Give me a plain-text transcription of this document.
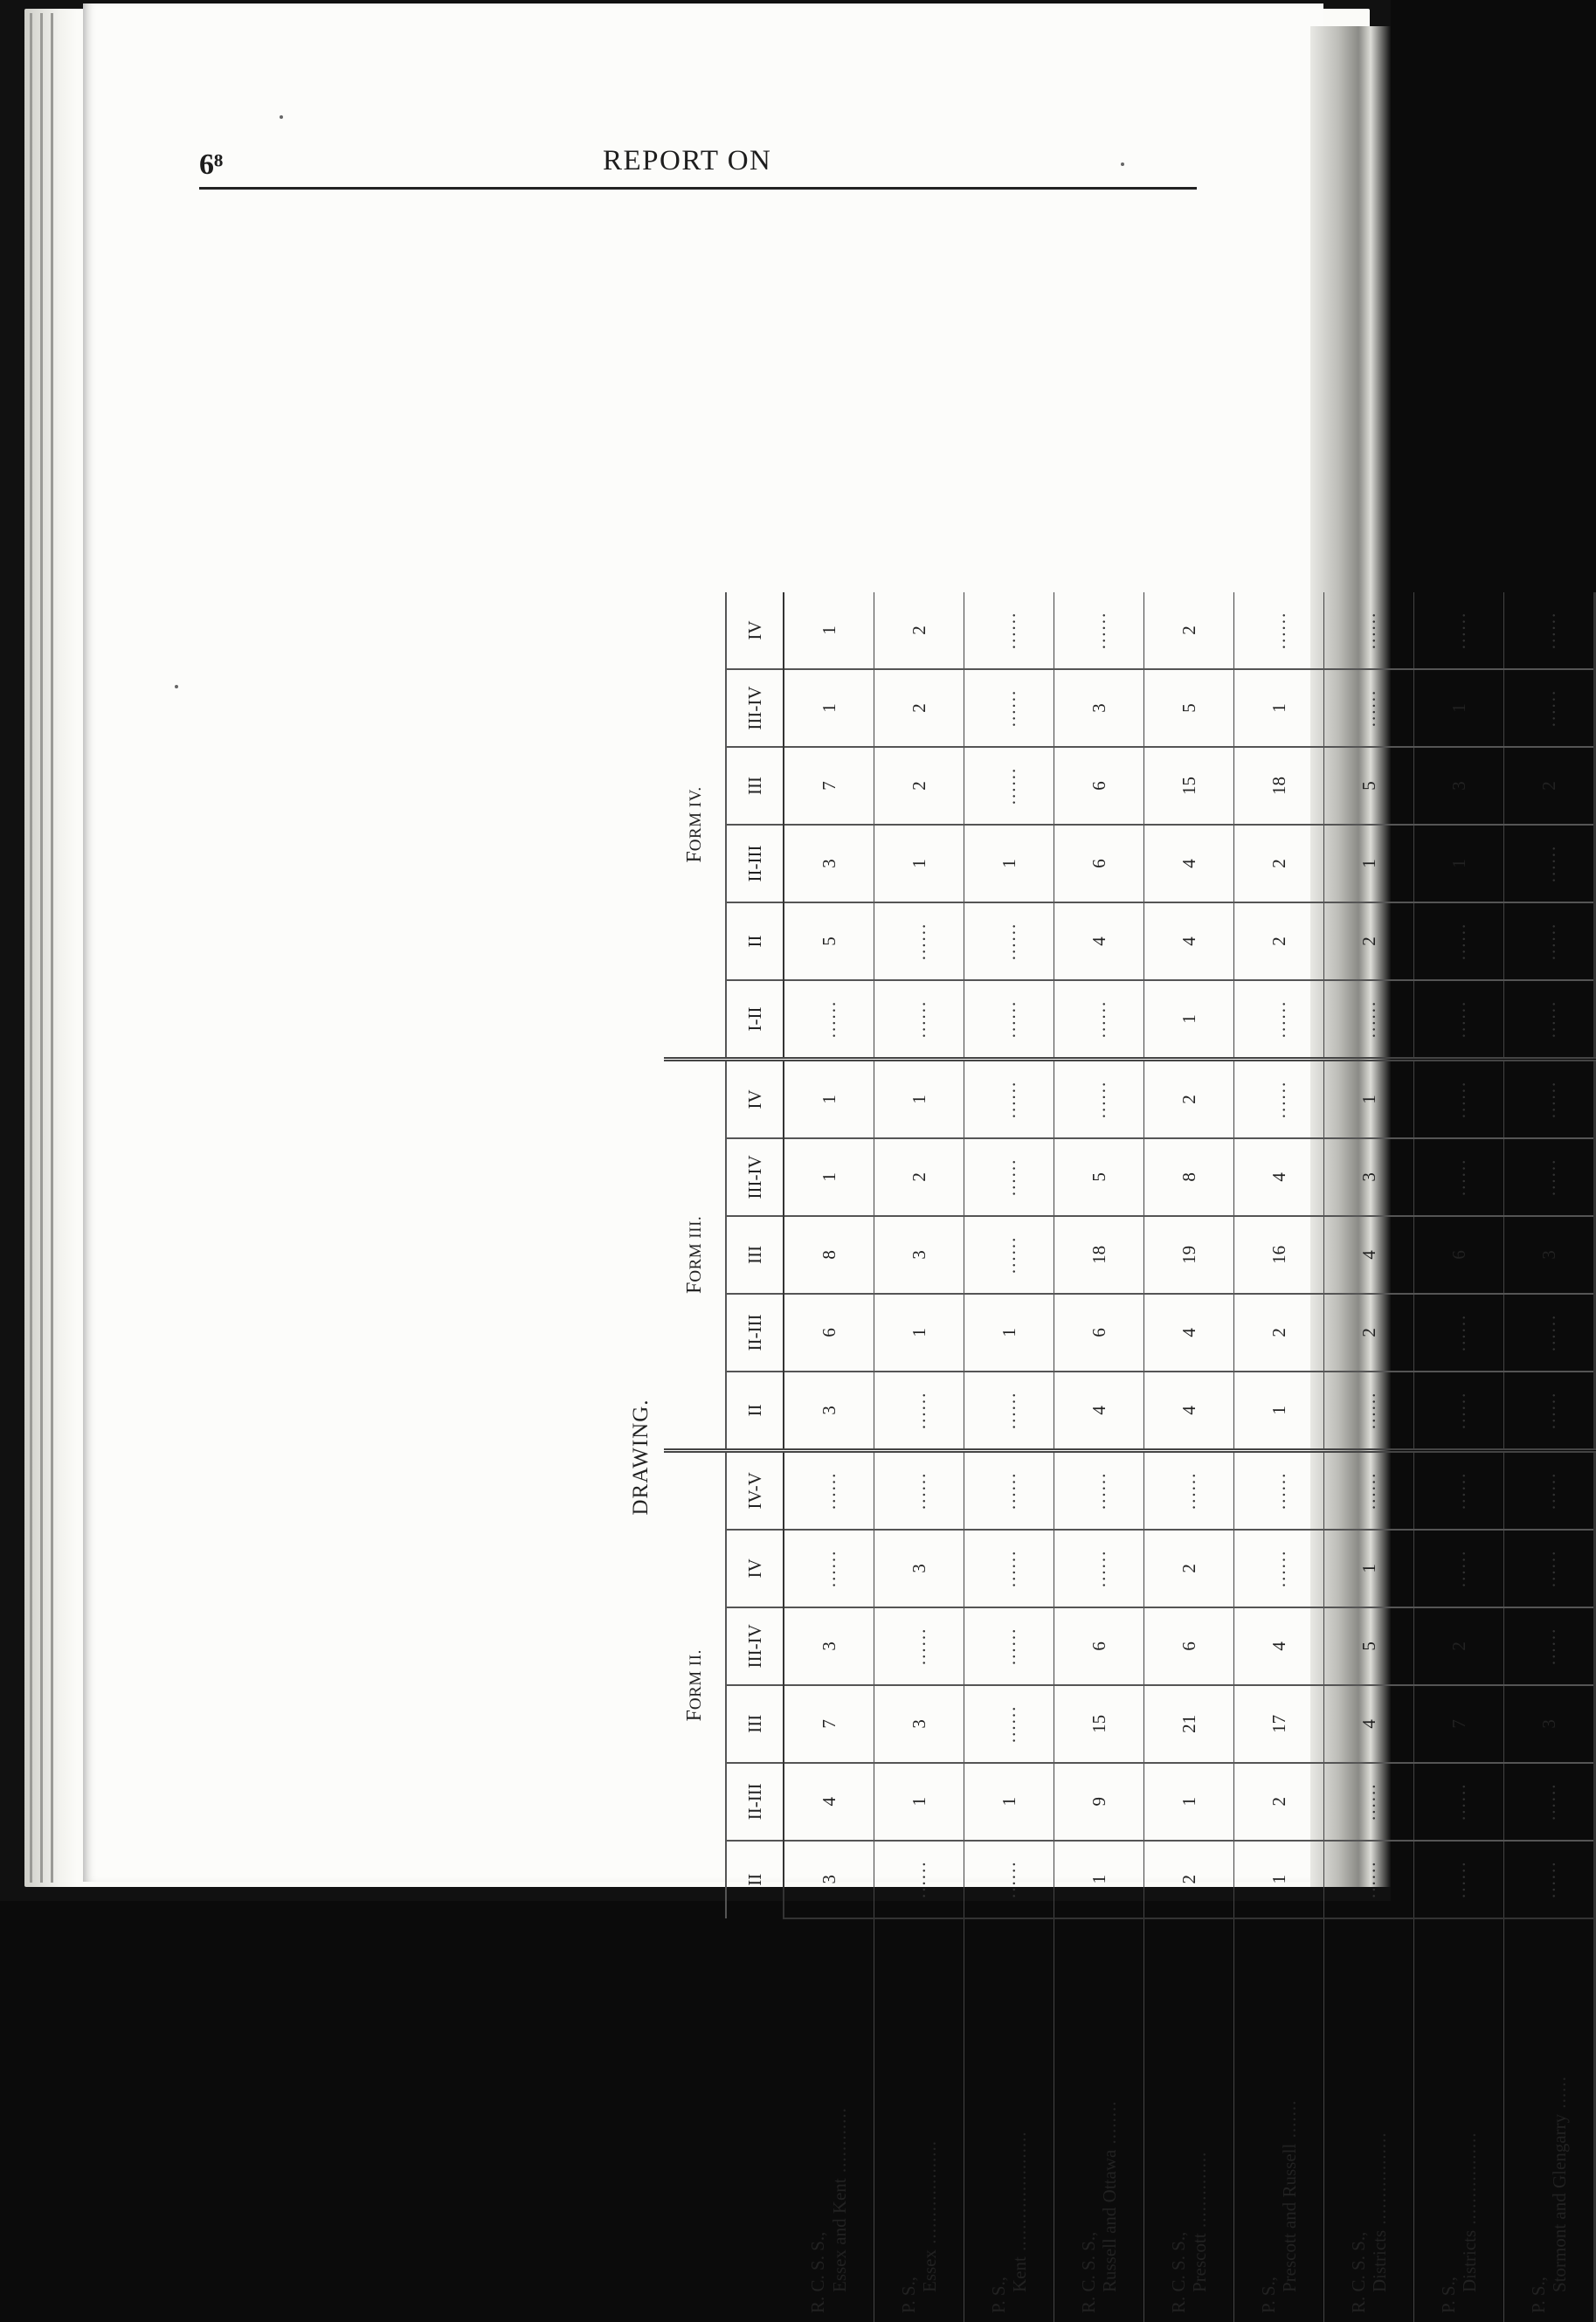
6⁸	REPORT ON
DRAWING.
	FORM II.						FORM III.					FORM IV.					
	II	II-III	III	III-IV	IV	IV-V	II	II-III	III	III-IV	IV	I-II	II	II-III	III	III-IV	IV
R. C. S. S., Essex and Kent ............	3	4	7	3	......	......	3	6	8	1	1	......	5	3	7	1	1
P. S.,
Essex ...................	......	1	3	......	3	......	......	1	3	2	1	......	......	1	2	2	2
P. S.,
Kent ......................	......	1	......	......	......	......	......	1	......	......	......	......	......	1	......	......	......
R. C. S. S., Russell and Ottawa ........	1	9	15	6	......	......	4	6	18	5	......	......	4	6	6	3	......
R. C. S. S., Prescott ..............	2	1	21	6	2	......	4	4	19	8	2	1	4	4	15	5	2
P. S.,
Prescott and Russell .......	1	2	17	4	......	......	1	2	16	4	......	......	2	2	18	1	......
R. C. S. S., Districts .................	......	......	4	5	1	......	......	2	4	3	1	......	2	1	5	......	......
P. S.,
Districts .................	......	......	7	2	......	......	......	......	6	......	......	......	......	1	3	1	......
P. S.,
Stormont and Glengarry ......	......	......	3	......	......	......	......	......	3	......	......	......	......	......	2	......	......
